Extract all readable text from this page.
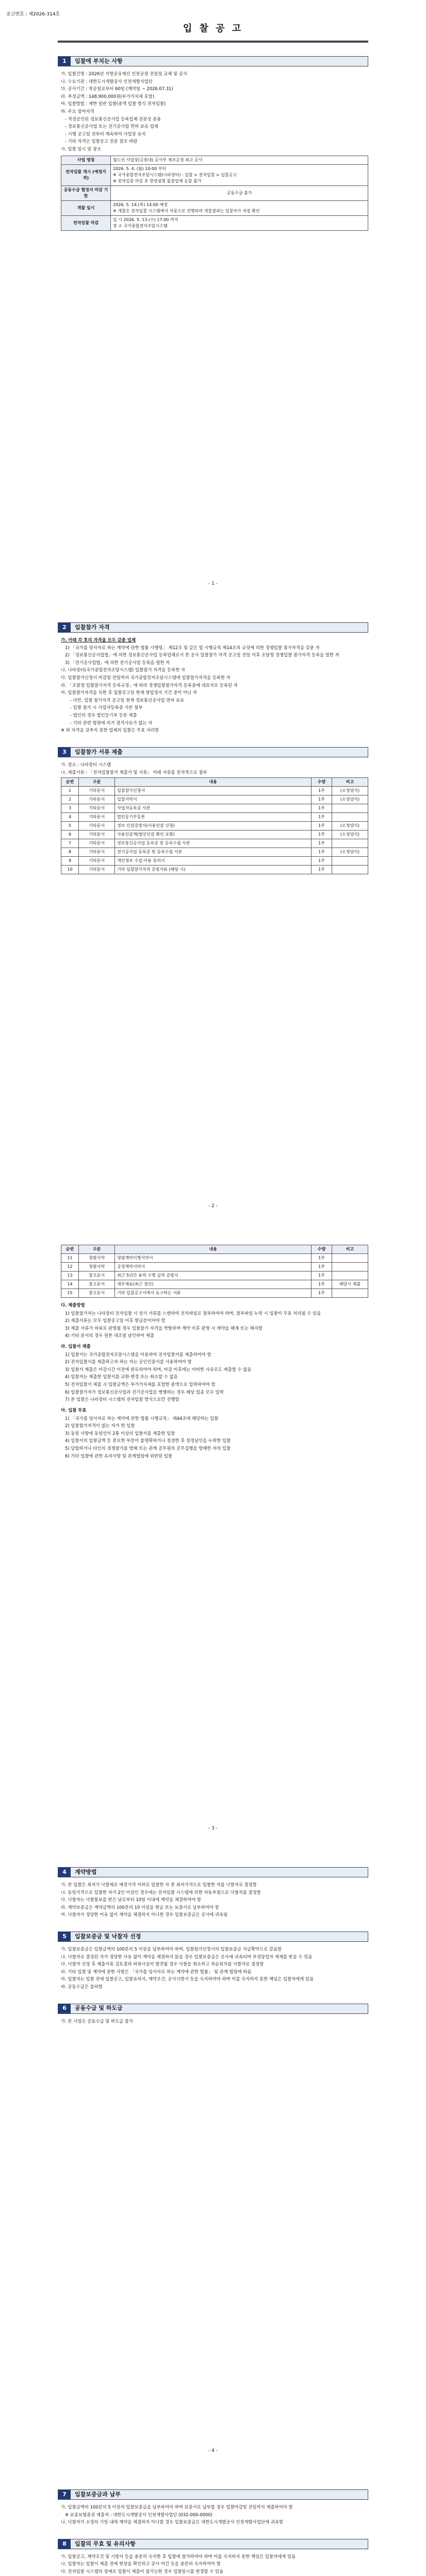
공고번호 : 제2026-314호
입 찰 공 고
1	입찰에 부치는 사항
가. 입찰건명 : 2026년 지방공유재산 인천공장 전원설 교체 및 공사
나. 수요기관 : 대한도시개발공사 인천개발사업단
다. 공사기간 : 착공일로부터 60일 (계약일 ~ 2026.07.31)
라. 추정금액 : 148,900,000원(부가가치세 포함)
마. 입찰방법 : 제한 일반 입찰(총액 입찰 방식 전자입찰)
바. 주요 참여자격
- 적정공인된 정보통신공사업 등록업체 전문성 준용
- 정보통신공사업 또는 전기공사업 면허 보유 업체
- 시행 공고일 전부터 계속하여 사업장 유지
- 기타 자격은 입찰공고 전문 참조 바람
사. 입찰 일시 및 장소
사업 명칭	월드인 사업장(공원내) 공사부 제조공정 최고 공사
전자입찰 개시 (예정가격)	2026. 5. 4. (월) 10:00 부터
※ 국가종합전자조달시스템(나라장터) : 입찰 > 전자입찰 > 입찰공고
※ 전자입찰 마감 후 현장설명 불참업체 응찰 불가
공동수급 협정서 마감 기한	공동수급 불가
개찰 일시	2026. 5. 14.(목) 14:00 예정
※ 개찰은 전자입찰 시스템에서 자동으로 진행되며 개찰결과는 입찰자가 직접 확인
전자입찰 마감	일 시 2026. 5. 13.(수) 17:00 까지
장 소 국가종합전자조달시스템
- 1 -
2	입찰참가 자격
가. 아래 각 호의 자격을 모두 갖춘 업체
1) 「국가를 당사자로 하는 계약에 관한 법률 시행령」 제12조 및 같은 법 시행규칙 제14조의 규정에 의한 경쟁입찰 참가자격을 갖춘 자
2) 「정보통신공사업법」에 의한 정보통신공사업 등록업체로서 본 공사 입찰참가 자격 공고일 전일 이후 조달청 경쟁입찰 참가자격 등록을 필한 자
3) 「전기공사업법」에 의한 전기공사업 등록을 필한 자
나. 나라장터(국가종합전자조달시스템) 입찰참가 자격을 등록한 자
다. 입찰참가신청서 마감일 전일까지 국가종합전자조달시스템에 입찰참가자격을 등록한 자
라. 「조달청 입찰참가자격 등록규정」에 따라 경쟁입찰참가자격 등록증에 대표자로 등록된 자
마. 입찰참가자격을 득한 후 입찰공고일 현재 영업정지 기간 중이 아닌 자
- 다만, 입찰 참가자격 공고일 현재 정보통신공사업 면허 보유
- 입찰 참가 시 사업자등록증 사본 첨부
- 법인의 경우 법인등기부 등본 제출
- 기타 관련 법령에 의거 결격사유가 없는 자
※ 위 자격을 갖추지 못한 업체의 입찰은 무효 처리함
3	입찰참가 서류 제출
가. 장소 : 나라장터 시스템
나. 제출서류 : 「전자입찰참가 제출서 및 서류」 아래 서류를 전자적으로 첨부
순번	구분	내용	수량	비고
1	기타문서	입찰참가신청서	1부	(소정양식)
2	기타문서	입찰서약서	1부	(소정양식)
3	기타문서	사업자등록증 사본	1부	
4	기타문서	법인등기부등본	1부	
5	기타문서	정보 인감증명서(사용인감 신청)	1부	(소정양식)
6	기타문서	사용인감계(법인인감 확인 포함)	1부	(소정양식)
7	기타문서	정보통신공사업 등록증 및 등록수첩 사본	1부	
8	기타문서	전기공사업 등록증 및 등록수첩 사본	1부	(소정양식)
9	기타문서	개인정보 수집·이용 동의서	1부	
10	기타문서	기타 입찰참가자격 증빙서류 (해당 시)	1부	
- 2 -
순번	구분	내용	수량	비고
11	청렴서약	청렴계약이행서약서	1부	
12	청렴서약	공정계약서약서	1부	
13	참고문서	최근 5년간 용역 수행 실적 증명서	1부	
14	참고문서	재무제표(최근 결산)	1부	해당시 제출
15	참고문서	기타 입찰공고서에서 요구하는 서류	1부	
다. 제출방법
1) 입찰참가자는 나라장터 전자입찰 시 상기 서류를 스캔하여 전자파일로 첨부하여야 하며, 첨부파일 누락 시 입찰이 무효 처리될 수 있음
2) 제출서류는 모두 입찰공고일 이후 발급분이어야 함
3) 제출 서류가 허위로 판명될 경우 입찰참가 자격을 박탈하며 계약 이후 판명 시 계약을 해제 또는 해지함
4) 기타 문서의 경우 원본 대조필 날인하여 제출
라. 입찰서 제출
1) 입찰서는 국가종합전자조달시스템을 이용하여 전자입찰서를 제출하여야 함
2) 전자입찰서를 제출하고자 하는 자는 공인인증서를 사용하여야 함
3) 입찰서 제출은 마감시간 이전에 완료하여야 하며, 마감 이후에는 어떠한 사유로도 제출할 수 없음
4) 입찰자는 제출한 입찰서를 교환·변경 또는 취소할 수 없음
5) 전자입찰서 제출 시 입찰금액은 부가가치세를 포함한 총액으로 입력하여야 함
6) 입찰참가자가 정보통신공사업과 전기공사업을 병행하는 경우 해당 업종 모두 입력
7) 본 입찰은 나라장터 시스템의 전자입찰 방식으로만 진행함
마. 입찰 무효
1) 「국가를 당사자로 하는 계약에 관한 법률 시행규칙」 제44조에 해당하는 입찰
2) 입찰참가자격이 없는 자가 한 입찰
3) 동일 사항에 동일인이 2통 이상의 입찰서를 제출한 입찰
4) 입찰서의 입찰금액 등 중요한 부분이 불명확하거나 정정한 후 정정날인을 누락한 입찰
5) 담합하거나 타인의 경쟁참가를 방해 또는 관계 공무원의 공무집행을 방해한 자의 입찰
6) 기타 입찰에 관한 유의사항 및 관계법령에 위반된 입찰
- 3 -
4	계약방법
가. 본 입찰은 최저가 낙찰제로 예정가격 이하로 입찰한 자 중 최저가격으로 입찰한 자를 낙찰자로 결정함
나. 동일가격으로 입찰한 자가 2인 이상인 경우에는 전자입찰 시스템에 의한 자동추첨으로 낙찰자를 결정함
다. 낙찰자는 낙찰통보를 받은 날로부터 10일 이내에 계약을 체결하여야 함
라. 계약보증금은 계약금액의 100분의 10 이상을 현금 또는 보증서로 납부하여야 함
마. 낙찰자가 정당한 이유 없이 계약을 체결하지 아니한 경우 입찰보증금은 공사에 귀속됨
5	입찰보증금 및 낙찰자 선정
가. 입찰보증금은 입찰금액의 100분의 5 이상을 납부하여야 하며, 입찰참가신청서의 입찰보증금 지급확약으로 갈음함
나. 낙찰자로 결정된 자가 정당한 사유 없이 계약을 체결하지 않을 경우 입찰보증금은 공사에 귀속되며 부정당업자 제재를 받을 수 있음
다. 낙찰자 선정 후 제출서류 검토결과 허위사실이 발견될 경우 낙찰을 취소하고 차순위자를 낙찰자로 결정함
라. 기타 입찰 및 계약에 관한 사항은 「국가를 당사자로 하는 계약에 관한 법률」 및 관계 법령에 따름
마. 입찰자는 입찰 전에 입찰공고, 입찰유의서, 계약조건, 공사시방서 등을 숙지하여야 하며 이를 숙지하지 못한 책임은 입찰자에게 있음
바. 공동수급은 불허함
6	공동수급 및 하도급
가. 본 사업은 공동수급 및 하도급 불가
- 4 -
7	입찰보증금과 납부
가. 입찰금액의 100분의 5 이상의 입찰보증금을 납부하여야 하며 보증서로 납부할 경우 입찰마감일 전일까지 제출하여야 함
※ 보증보험증권 제출처 : 대한도시개발공사 인천개발사업단 (032-000-0000)
나. 낙찰자가 소정의 기일 내에 계약을 체결하지 아니할 경우 입찰보증금은 대한도시개발공사 인천개발사업단에 귀속함
8	입찰의 무효 및 유의사항
가. 입찰공고, 계약조건 및 시방서 등을 충분히 숙지한 후 입찰에 참가하여야 하며 이를 숙지하지 못한 책임은 입찰자에게 있음
나. 입찰자는 입찰서 제출 전에 현장을 확인하고 공사 여건 등을 충분히 숙지하여야 함
다. 전자입찰 시스템의 장애로 입찰서 제출이 불가능한 경우 입찰일시를 변경할 수 있음
